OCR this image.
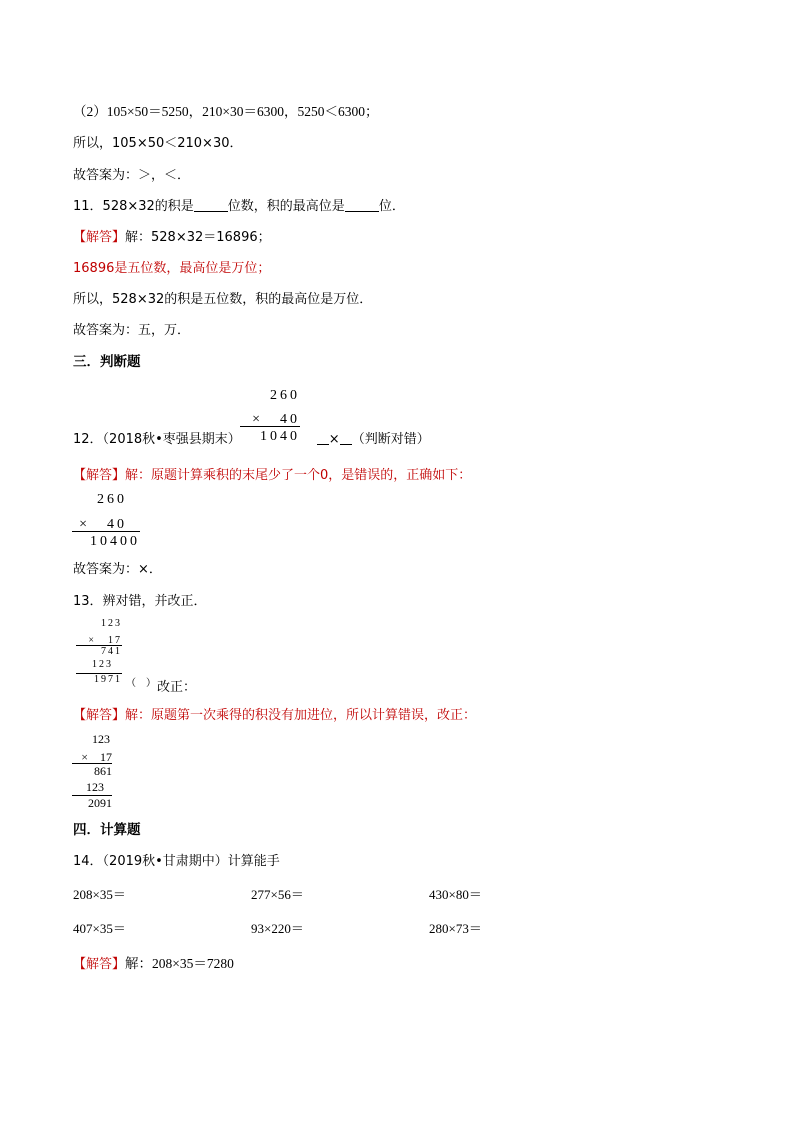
（2）105×50＝5250，210×30＝6300，5250＜6300；
所以，105×50＜210×30．
故答案为：＞，＜．
11．528×32的积是	位数，积的最高位是	位．
【解答】解：528×32＝16896；
16896是五位数，最高位是万位；
所以，528×32的积是五位数，积的最高位是万位．
故答案为：五，万．
三．判断题
260
×　40
1040
12．（2018秋•枣强县期末）	× （判断对错）
【解答】解：原题计算乘积的末尾少了一个0，是错误的，正确如下：
260
×　40
10400
故答案为：×．
13．辨对错，并改正．
123
×　17
741
123
1971 （　） 改正：
【解答】解：原题第一次乘得的积没有加进位，所以计算错误，改正：
123
×　17
861
123
2091
四．计算题
14．（2019秋•甘肃期中）计算能手
208×35＝	277×56＝	430×80＝
407×35＝	93×220＝	280×73＝
【解答】解：208×35＝7280
